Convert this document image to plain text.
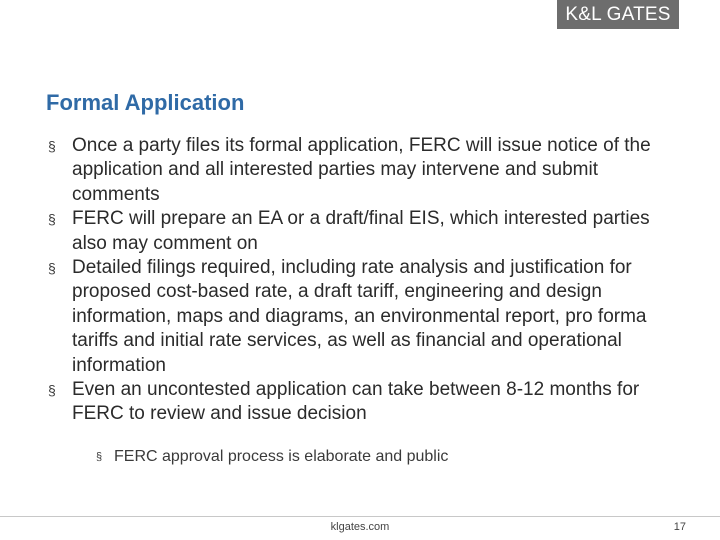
K&L GATES
Formal Application
§ Once a party files its formal application, FERC will issue notice of the application and all interested parties may intervene and submit comments
§ FERC will prepare an EA or a draft/final EIS, which interested parties also may comment on
§ Detailed filings required, including rate analysis and justification for proposed cost-based rate, a draft tariff, engineering and design information, maps and diagrams, an environmental report, pro forma tariffs and initial rate services, as well as financial and operational information
§ Even an uncontested application can take between 8-12 months for FERC to review and issue decision
§ FERC approval process is elaborate and public
klgates.com	17
